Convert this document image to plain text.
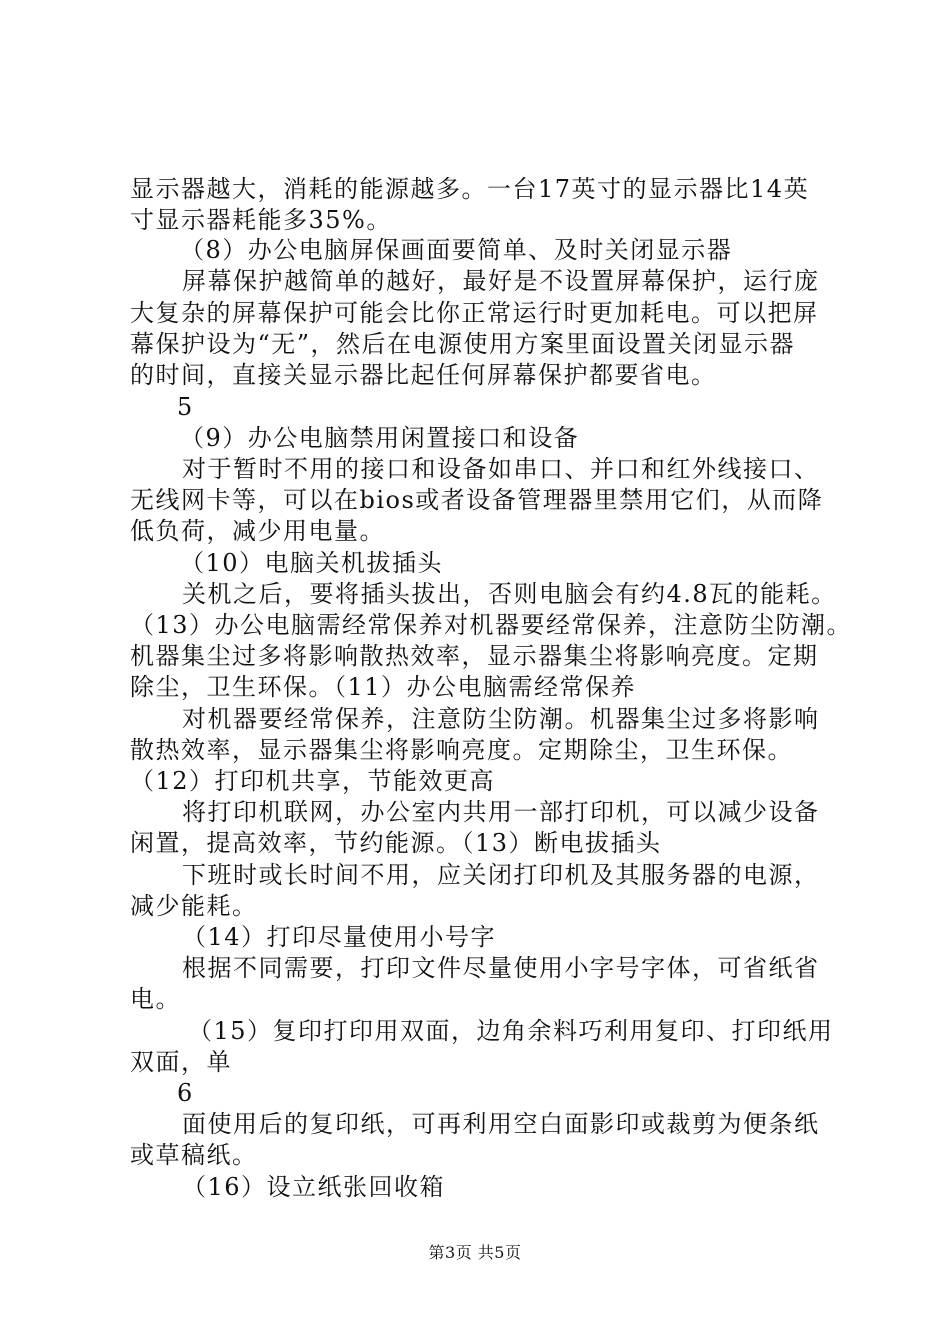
显示器越大，消耗的能源越多。一台17英寸的显示器比14英
寸显示器耗能多35%。
（8）办公电脑屏保画面要简单、及时关闭显示器
屏幕保护越简单的越好，最好是不设置屏幕保护，运行庞
大复杂的屏幕保护可能会比你正常运行时更加耗电。可以把屏
幕保护设为“无”，然后在电源使用方案里面设置关闭显示器
的时间，直接关显示器比起任何屏幕保护都要省电。
5
（9）办公电脑禁用闲置接口和设备
对于暂时不用的接口和设备如串口、并口和红外线接口、
无线网卡等，可以在bios或者设备管理器里禁用它们，从而降
低负荷，减少用电量。
（10）电脑关机拔插头
关机之后，要将插头拔出，否则电脑会有约4.8瓦的能耗。
（13）办公电脑需经常保养对机器要经常保养，注意防尘防潮。
机器集尘过多将影响散热效率，显示器集尘将影响亮度。定期
除尘，卫生环保。（11）办公电脑需经常保养
对机器要经常保养，注意防尘防潮。机器集尘过多将影响
散热效率，显示器集尘将影响亮度。定期除尘，卫生环保。
（12）打印机共享，节能效更高
将打印机联网，办公室内共用一部打印机，可以减少设备
闲置，提高效率，节约能源。（13）断电拔插头
下班时或长时间不用，应关闭打印机及其服务器的电源，
减少能耗。
（14）打印尽量使用小号字
根据不同需要，打印文件尽量使用小字号字体，可省纸省
电。
（15）复印打印用双面，边角余料巧利用复印、打印纸用
双面，单
6
面使用后的复印纸，可再利用空白面影印或裁剪为便条纸
或草稿纸。
（16）设立纸张回收箱
第3页 共5页
